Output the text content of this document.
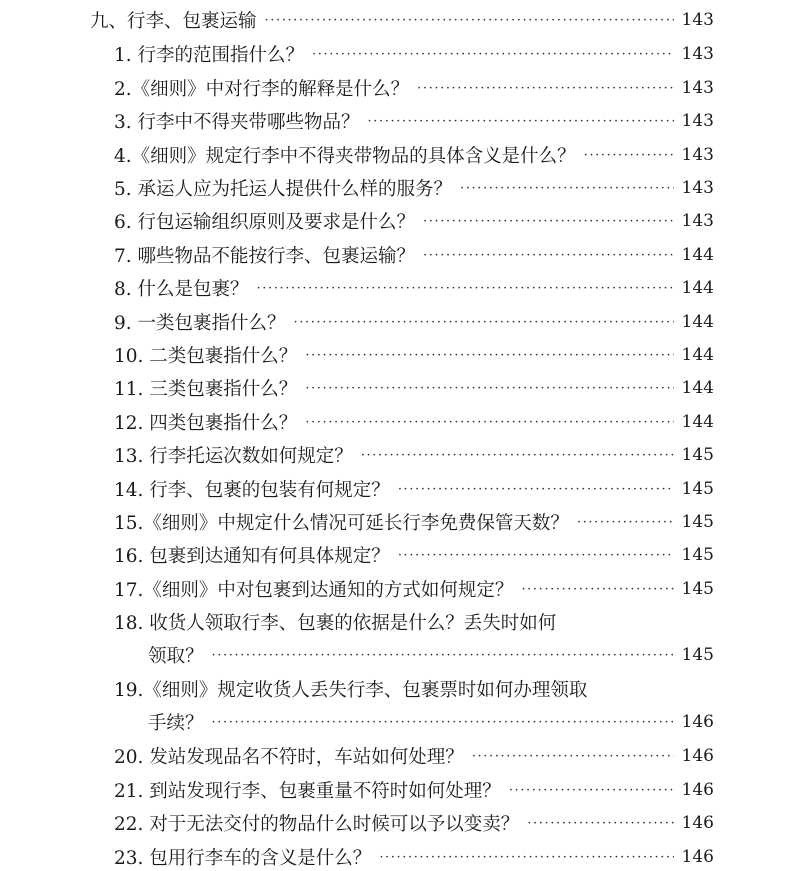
九、行李、包裹运输 ·····	143
1. 行李的范围指什么？ ·····	143
2.《细则》中对行李的解释是什么？ ·····	143
3. 行李中不得夹带哪些物品？ ·····	143
4.《细则》规定行李中不得夹带物品的具体含义是什么？ ·····	143
5. 承运人应为托运人提供什么样的服务？ ·····	143
6. 行包运输组织原则及要求是什么？ ·····	143
7. 哪些物品不能按行李、包裹运输？ ·····	144
8. 什么是包裹？ ·····	144
9. 一类包裹指什么？ ·····	144
10. 二类包裹指什么？ ·····	144
11. 三类包裹指什么？ ·····	144
12. 四类包裹指什么？ ·····	144
13. 行李托运次数如何规定？ ·····	145
14. 行李、包裹的包装有何规定？ ·····	145
15.《细则》中规定什么情况可延长行李免费保管天数？ ·····	145
16. 包裹到达通知有何具体规定？ ·····	145
17.《细则》中对包裹到达通知的方式如何规定？ ·····	145
18. 收货人领取行李、包裹的依据是什么？丢失时如何
领取？ ·····	145
19.《细则》规定收货人丢失行李、包裹票时如何办理领取
手续？ ·····	146
20. 发站发现品名不符时，车站如何处理？ ·····	146
21. 到站发现行李、包裹重量不符时如何处理？ ·····	146
22. 对于无法交付的物品什么时候可以予以变卖？ ·····	146
23. 包用行李车的含义是什么？ ·····	146
